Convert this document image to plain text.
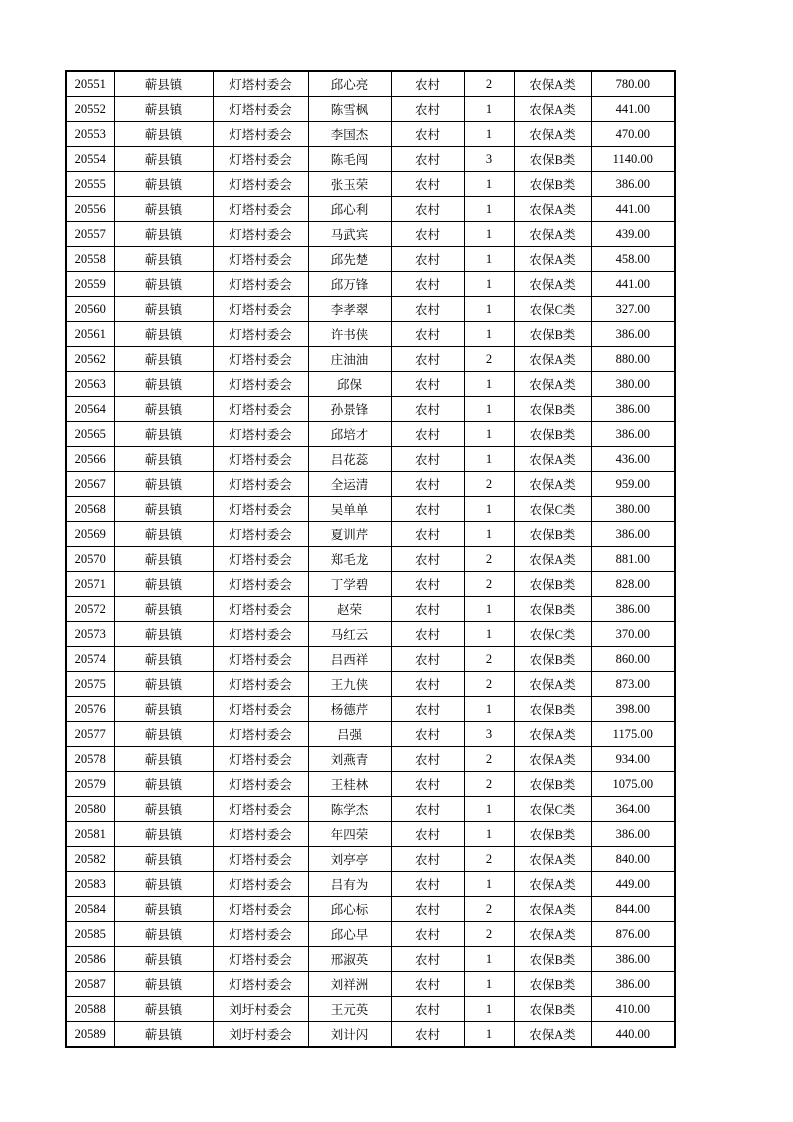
20551	蕲县镇	灯塔村委会	邱心亮	农村	2	农保A类	780.00
20552	蕲县镇	灯塔村委会	陈雪枫	农村	1	农保A类	441.00
20553	蕲县镇	灯塔村委会	李国杰	农村	1	农保A类	470.00
20554	蕲县镇	灯塔村委会	陈毛闯	农村	3	农保B类	1140.00
20555	蕲县镇	灯塔村委会	张玉荣	农村	1	农保B类	386.00
20556	蕲县镇	灯塔村委会	邱心利	农村	1	农保A类	441.00
20557	蕲县镇	灯塔村委会	马武宾	农村	1	农保A类	439.00
20558	蕲县镇	灯塔村委会	邱先楚	农村	1	农保A类	458.00
20559	蕲县镇	灯塔村委会	邱万锋	农村	1	农保A类	441.00
20560	蕲县镇	灯塔村委会	李孝翠	农村	1	农保C类	327.00
20561	蕲县镇	灯塔村委会	许书侠	农村	1	农保B类	386.00
20562	蕲县镇	灯塔村委会	庄油油	农村	2	农保A类	880.00
20563	蕲县镇	灯塔村委会	邱保	农村	1	农保A类	380.00
20564	蕲县镇	灯塔村委会	孙景锋	农村	1	农保B类	386.00
20565	蕲县镇	灯塔村委会	邱培才	农村	1	农保B类	386.00
20566	蕲县镇	灯塔村委会	吕花蕊	农村	1	农保A类	436.00
20567	蕲县镇	灯塔村委会	全运清	农村	2	农保A类	959.00
20568	蕲县镇	灯塔村委会	吴单单	农村	1	农保C类	380.00
20569	蕲县镇	灯塔村委会	夏训芹	农村	1	农保B类	386.00
20570	蕲县镇	灯塔村委会	郑毛龙	农村	2	农保A类	881.00
20571	蕲县镇	灯塔村委会	丁学碧	农村	2	农保B类	828.00
20572	蕲县镇	灯塔村委会	赵荣	农村	1	农保B类	386.00
20573	蕲县镇	灯塔村委会	马红云	农村	1	农保C类	370.00
20574	蕲县镇	灯塔村委会	吕西祥	农村	2	农保B类	860.00
20575	蕲县镇	灯塔村委会	王九侠	农村	2	农保A类	873.00
20576	蕲县镇	灯塔村委会	杨德芹	农村	1	农保B类	398.00
20577	蕲县镇	灯塔村委会	吕强	农村	3	农保A类	1175.00
20578	蕲县镇	灯塔村委会	刘燕青	农村	2	农保A类	934.00
20579	蕲县镇	灯塔村委会	王桂林	农村	2	农保B类	1075.00
20580	蕲县镇	灯塔村委会	陈学杰	农村	1	农保C类	364.00
20581	蕲县镇	灯塔村委会	年四荣	农村	1	农保B类	386.00
20582	蕲县镇	灯塔村委会	刘亭亭	农村	2	农保A类	840.00
20583	蕲县镇	灯塔村委会	吕有为	农村	1	农保A类	449.00
20584	蕲县镇	灯塔村委会	邱心标	农村	2	农保A类	844.00
20585	蕲县镇	灯塔村委会	邱心早	农村	2	农保A类	876.00
20586	蕲县镇	灯塔村委会	邢淑英	农村	1	农保B类	386.00
20587	蕲县镇	灯塔村委会	刘祥洲	农村	1	农保B类	386.00
20588	蕲县镇	刘圩村委会	王元英	农村	1	农保B类	410.00
20589	蕲县镇	刘圩村委会	刘计闪	农村	1	农保A类	440.00
